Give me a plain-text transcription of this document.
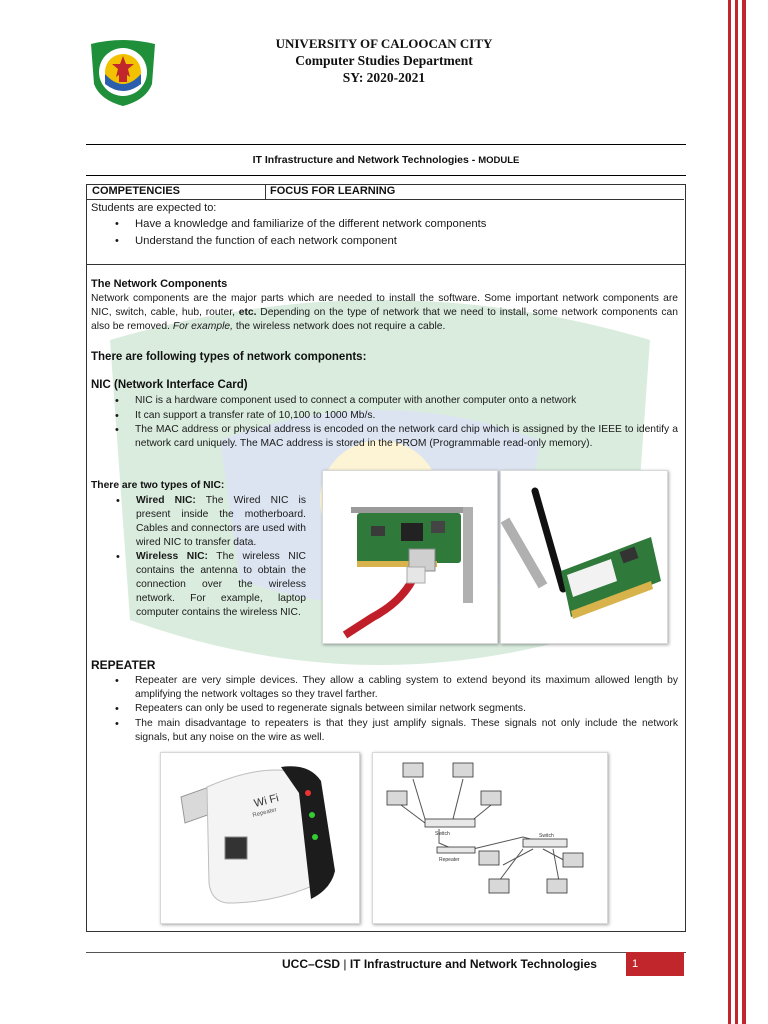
UNIVERSITY OF CALOOCAN CITY
Computer Studies Department
SY: 2020-2021
IT Infrastructure and Network Technologies - MODULE
COMPETENCIES	FOCUS FOR LEARNING
Students are expected to:
• Have a knowledge and familiarize of the different network components
• Understand the function of each network component
The Network Components
Network components are the major parts which are needed to install the software. Some important network components are NIC, switch, cable, hub, router, etc. Depending on the type of network that we need to install, some network components can also be removed. For example, the wireless network does not require a cable.
There are following types of network components:
NIC (Network Interface Card)
• NIC is a hardware component used to connect a computer with another computer onto a network
• It can support a transfer rate of 10,100 to 1000 Mb/s.
• The MAC address or physical address is encoded on the network card chip which is assigned by the IEEE to identify a network card uniquely. The MAC address is stored in the PROM (Programmable read-only memory).
There are two types of NIC:
• Wired NIC: The Wired NIC is present inside the motherboard. Cables and connectors are used with wired NIC to transfer data.
• Wireless NIC: The wireless NIC contains the antenna to obtain the connection over the wireless network. For example, laptop computer contains the wireless NIC.
REPEATER
• Repeater are very simple devices. They allow a cabling system to extend beyond its maximum allowed length by amplifying the network voltages so they travel farther.
• Repeaters can only be used to regenerate signals between similar network segments.
• The main disadvantage to repeaters is that they just amplify signals. These signals not only include the network signals, but any noise on the wire as well.
Wi Fi
Repeater
Switch
Repeater
Switch
UCC–CSD | IT Infrastructure and Network Technologies	1
